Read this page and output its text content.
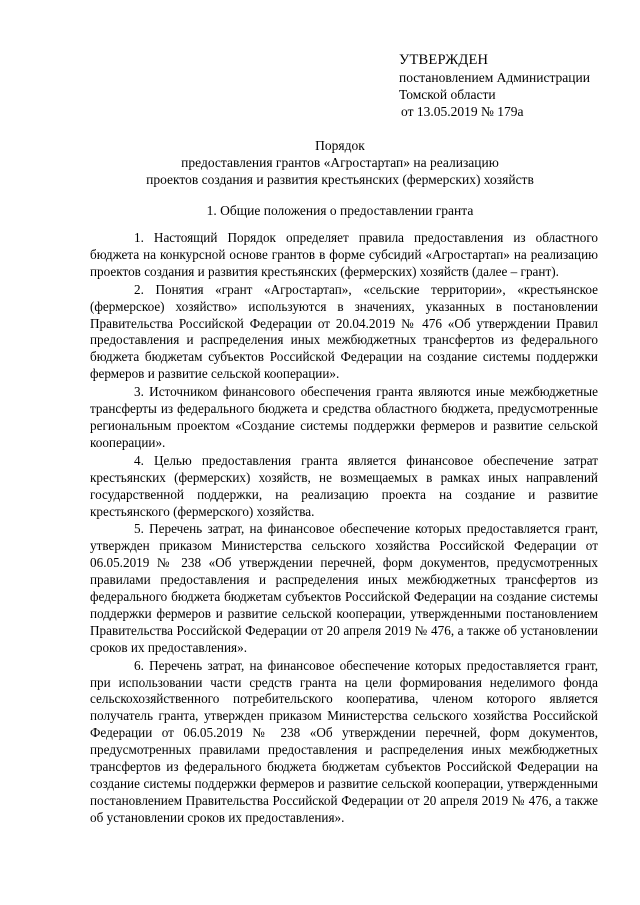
УТВЕРЖДЕН
постановлением Администрации
Томской области
от 13.05.2019 № 179а
Порядок
предоставления грантов «Агростартап» на реализацию
проектов создания и развития крестьянских (фермерских) хозяйств
1. Общие положения о предоставлении гранта

1. Настоящий Порядок определяет правила предоставления из областного бюджета на конкурсной основе грантов в форме субсидий «Агростартап» на реализацию проектов создания и развития крестьянских (фермерских) хозяйств (далее – грант).

2. Понятия «грант «Агростартап», «сельские территории», «крестьянское (фермерское) хозяйство» используются в значениях, указанных в постановлении Правительства Российской Федерации от 20.04.2019 № 476 «Об утверждении Правил предоставления и распределения иных межбюджетных трансфертов из федерального бюджета бюджетам субъектов Российской Федерации на создание системы поддержки фермеров и развитие сельской кооперации».

3. Источником финансового обеспечения гранта являются иные межбюджетные трансферты из федерального бюджета и средства областного бюджета, предусмотренные региональным проектом «Создание системы поддержки фермеров и развитие сельской кооперации».

4. Целью предоставления гранта является финансовое обеспечение затрат крестьянских (фермерских) хозяйств, не возмещаемых в рамках иных направлений государственной поддержки, на реализацию проекта на создание и развитие крестьянского (фермерского) хозяйства.

5. Перечень затрат, на финансовое обеспечение которых предоставляется грант, утвержден приказом Министерства сельского хозяйства Российской Федерации от 06.05.2019 № 238 «Об утверждении перечней, форм документов, предусмотренных правилами предоставления и распределения иных межбюджетных трансфертов из федерального бюджета бюджетам субъектов Российской Федерации на создание системы поддержки фермеров и развитие сельской кооперации, утвержденными постановлением Правительства Российской Федерации от 20 апреля 2019 № 476, а также об установлении сроков их предоставления».

6. Перечень затрат, на финансовое обеспечение которых предоставляется грант, при использовании части средств гранта на цели формирования неделимого фонда сельскохозяйственного потребительского кооператива, членом которого является получатель гранта, утвержден приказом Министерства сельского хозяйства Российской Федерации от 06.05.2019 № 238 «Об утверждении перечней, форм документов, предусмотренных правилами предоставления и распределения иных межбюджетных трансфертов из федерального бюджета бюджетам субъектов Российской Федерации на создание системы поддержки фермеров и развитие сельской кооперации, утвержденными постановлением Правительства Российской Федерации от 20 апреля 2019 № 476, а также об установлении сроков их предоставления».
